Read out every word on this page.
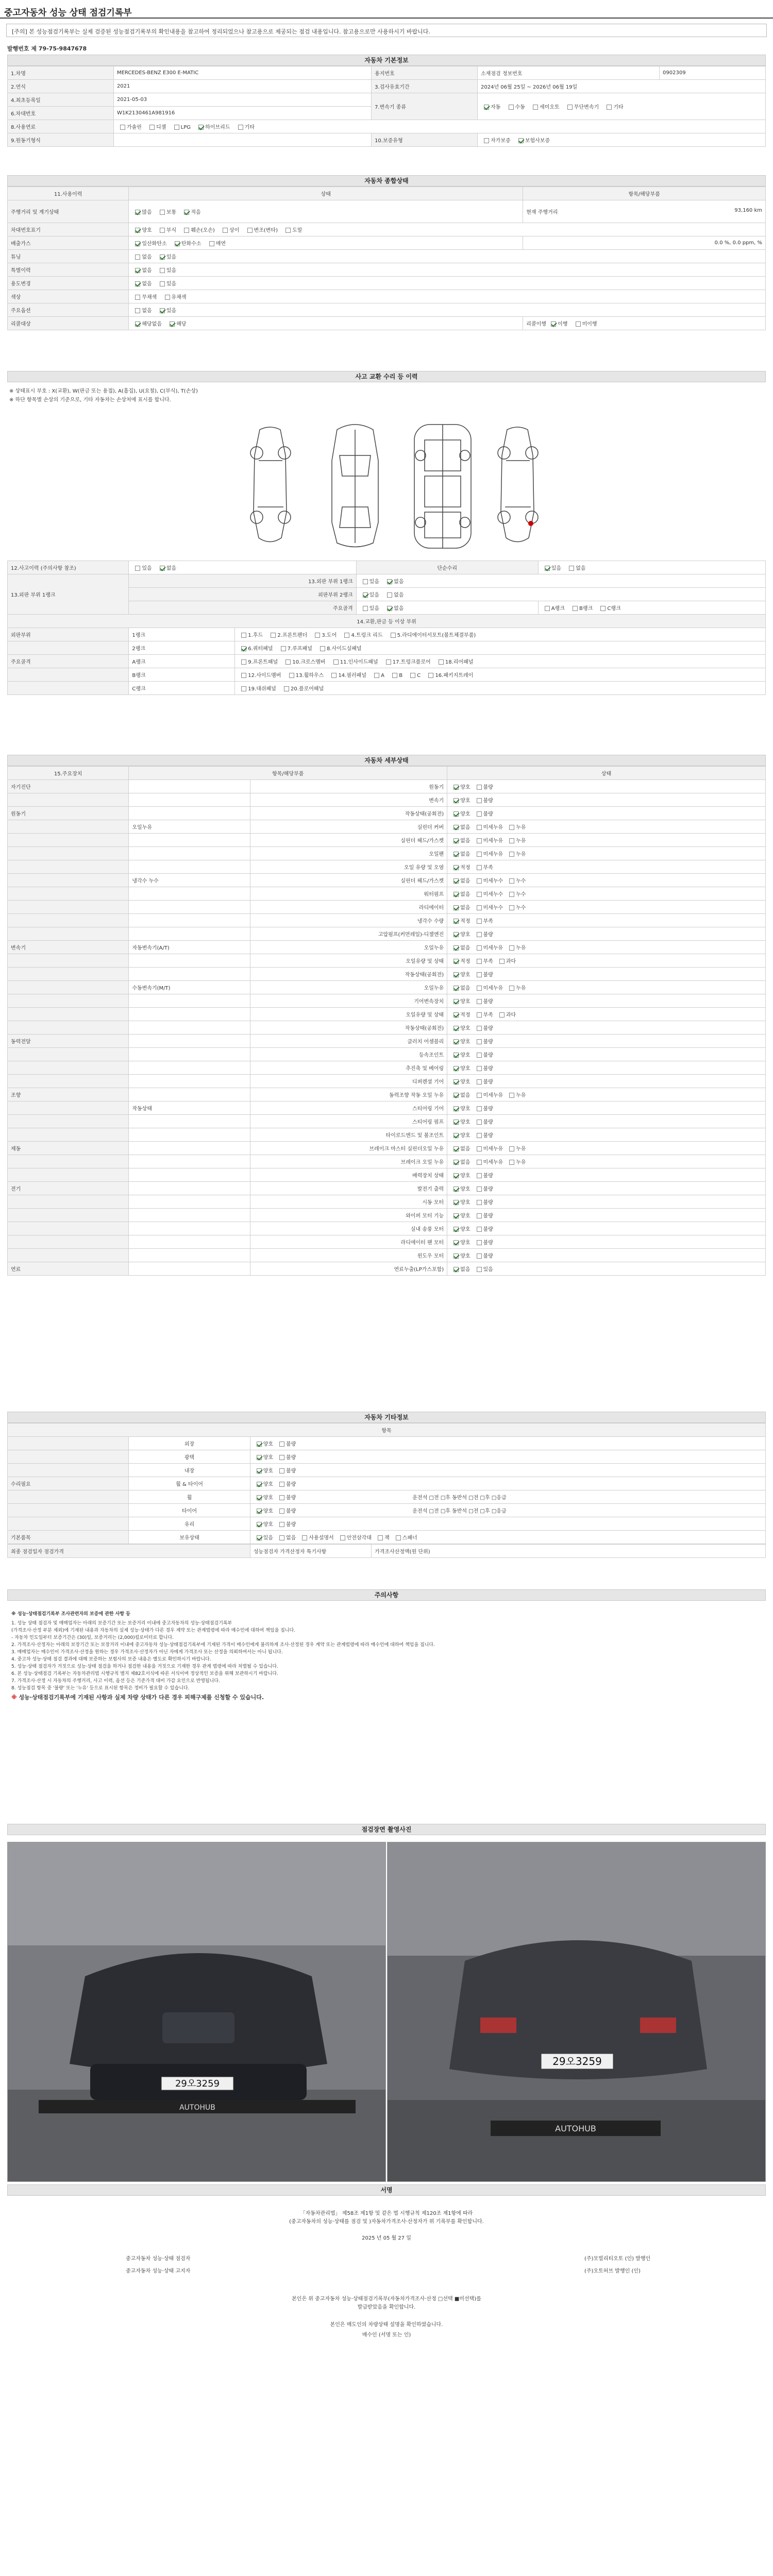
중고자동차 성능 상태 점검기록부
[주의] 본 성능점검기록부는 실제 검증된 성능점검기록부의 확인내용을 참고하여 정리되었으나 참고용으로 제공되는 점검 내용입니다. 참고용으로만 사용하시기 바랍니다.
발행번호 제 79-75-9847678
자동차 기본정보
1.차명	MERCEDES-BENZ E300 E-MATIC	용지번호	소재점검 정보번호	0902309
2.연식	2021	3.검사유효기간	2024년 06월 25일 ~ 2026년 06월 19일	
4.최초등록일	2021-05-03	7.변속기 종류	자동 수동 세미오토 무단변속기 기타	
6.차대번호	W1K2130461A981916			
8.사용연료	가솔린 디젤 LPG 하이브리드 기타			
9.원동기형식		10.보증유형	자가보증 보험사보증	
자동차 종합상태
11.사용이력	상태	항목/해당부품
주행거리 및 계기상태	많음 보통 적음	현재 주행거리 93,160 km

차대번호표기	양호 부식 훼손(오손) 상이 변조(변타) 도말	
배출가스	일산화탄소 탄화수소 매연	0.0 %, 0.0 ppm, %
튜닝	없음 있음	
특별이력	없음 있음	
용도변경	없음 있음	
색상	무채색 유채색	
주요옵션	없음 있음	
리콜대상	해당없음 해당	리콜이행 이행 미이행
사고 교환 수리 등 이력
※ 상태표시 부호 : X(교환), W(판금 또는 용접), A(흠집), U(요철), C(부식), T(손상)
※ 하단 항목별 손상의 기준으로, 기타 자동차는 손상처에 표시를 합니다.
12.사고이력 (주의사항 참조)	있음 없음		단순수리	있음 없음
13.외판 부위 1랭크	13.외판 부위 1랭크		있음 없음	
	외판부위 2랭크		있음 없음	
	주요골격		있음 없음	A랭크 B랭크 C랭크
14.교환,판금 등 이상 부위				
외판부위	1랭크	1.후드 2.프론트펜더 3.도어 4.트렁크 리드 5.라디에이터서포트(볼트체결부품)		
	2랭크	6.쿼터패널 7.루프패널 8.사이드실패널		
주요골격	A랭크	9.프론트패널 10.크로스멤버 11.인사이드패널 17.트렁크플로어 18.리어패널		
	B랭크	12.사이드멤버 13.휠하우스 14.필러패널 A B C 16.패키지트레이		
	C랭크	19.대쉬패널 20.플로어패널		
자동차 세부상태
15.주요장치	항목/해당부품		상태
자기진단		원동기	양호 불량
		변속기	양호 불량
원동기		작동상태(공회전)	양호 불량
	오일누유	실린더 커버	없음 미세누유 누유
		실린더 헤드/가스켓	없음 미세누유 누유
		오일팬	없음 미세누유 누유
		오일 유량 및 오염	적정 부족
	냉각수 누수	실린더 헤드/가스켓	없음 미세누수 누수
		워터펌프	없음 미세누수 누수
		라디에이터	없음 미세누수 누수
		냉각수 수량	적정 부족
		고압펌프(커먼레일)-디젤엔진	양호 불량
변속기	자동변속기(A/T)	오일누유	없음 미세누유 누유
		오일유량 및 상태	적정 부족 과다
		작동상태(공회전)	양호 불량
	수동변속기(M/T)	오일누유	없음 미세누유 누유
		기어변속장치	양호 불량
		오일유량 및 상태	적정 부족 과다
		작동상태(공회전)	양호 불량
동력전달		클러치 어셈블리	양호 불량
		등속조인트	양호 불량
		추진축 및 베어링	양호 불량
		디퍼렌셜 기어	양호 불량
조향		동력조향 작동 오일 누유	없음 미세누유 누유
	작동상태	스티어링 기어	양호 불량
		스티어링 펌프	양호 불량
		타이로드엔드 및 볼조인트	양호 불량
제동		브레이크 마스터 실린더오일 누유	없음 미세누유 누유
		브레이크 오일 누유	없음 미세누유 누유
		배력장치 상태	양호 불량
전기		발전기 출력	양호 불량
		시동 모터	양호 불량
		와이퍼 모터 기능	양호 불량
		실내 송풍 모터	양호 불량
		라디에이터 팬 모터	양호 불량
		윈도우 모터	양호 불량
연료		연료누출(LP가스포함)	없음 있음
자동차 기타정보
항목		
	외장	양호 불량
	광택	양호 불량
	내장	양호 불량
수리필요	휠 & 타이어	양호 불량
	휠	양호 불량 운전석 □전 □후 동반석 □전 □후 □응급
	타이어	양호 불량 운전석 □전 □후 동반석 □전 □후 □응급
	유리	양호 불량
기본품목	보유상태	있음 없음 사용설명서 안전삼각대 잭 스패너
최종 점검일자 점검가격	성능점검자 가격산정자 특기사항	가격조사산정액(원 단위)
주의사항
※ 성능·상태점검기록부 조사관련자의 보증에 관한 사항 등
1. 성능 상태 점검자 및 매매업자는 아래의 보증기간 또는 보증거리 이내에 중고자동차의 성능·상태점검기록부
(가격조사·산정 부분 제외)에 기재된 내용과 자동차의 실제 성능·상태가 다른 경우 계약 또는 관계법령에 따라 매수인에 대하여 책임을 집니다.
- 자동차 인도일부터 보증기간은 (30)일, 보증거리는 (2,000)킬로미터로 합니다.
2. 가격조사·산정자는 아래의 보장기간 또는 보장거리 이내에 중고자동차 성능·상태점검기록부에 기재된 가격이 매수인에게 불리하게 조사·산정된 경우 계약 또는 관계법령에 따라 매수인에 대하여 책임을 집니다.
3. 매매업자는 매수인이 가격조사·산정을 원하는 경우 가격조사·산정자가 아닌 자에게 가격조사 또는 산정을 의뢰하여서는 아니 됩니다.
4. 중고차 성능·상태 점검 결과에 대해 보증하는 보험사의 보증 내용은 별도로 확인하시기 바랍니다.
5. 성능·상태 점검자가 거짓으로 성능·상태 점검을 하거나 점검한 내용을 거짓으로 기재한 경우 관계 법령에 따라 처벌될 수 있습니다.
6. 본 성능·상태점검 기록부는 자동차관리법 시행규칙 별지 제82호서식에 따른 서식이며 정상적인 보증을 위해 보관하시기 바랍니다.
7. 가격조사·산정 시 자동차의 주행거리, 사고 이력, 옵션 등은 기준가격 대비 가감 요인으로 반영됩니다.
8. 성능점검 항목 중 '불량' 또는 '누유' 등으로 표시된 항목은 정비가 필요할 수 있습니다.
※ 성능·상태점검기록부에 기재된 사항과 실제 차량 상태가 다른 경우 피해구제를 신청할 수 있습니다.
점검장면 촬영사진
29오3259
AUTOHUB
29오3259
AUTOHUB
서명
「자동차관리법」 제58조 제1항 및 같은 법 시행규칙 제120조 제1항에 따라
(중고자동차의 성능·상태를 점검 및 )자동차가격조사·산정자가 위 기록부를 확인합니다.
2025 년 05 월 27 일
중고자동차 성능·상태 점검자	(주)모빌리티오토 (인) 발행인
중고자동차 성능·상태 고지자	(주)오토허브 발행인 (인)
본인은 위 중고자동차 성능·상태점검기록부(자동차가격조사·산정 □선택 ■미선택)를
발급받았음을 확인합니다.
본인은 매도인의 차량상태 설명을 확인하였습니다.
매수인 (서명 또는 인)
